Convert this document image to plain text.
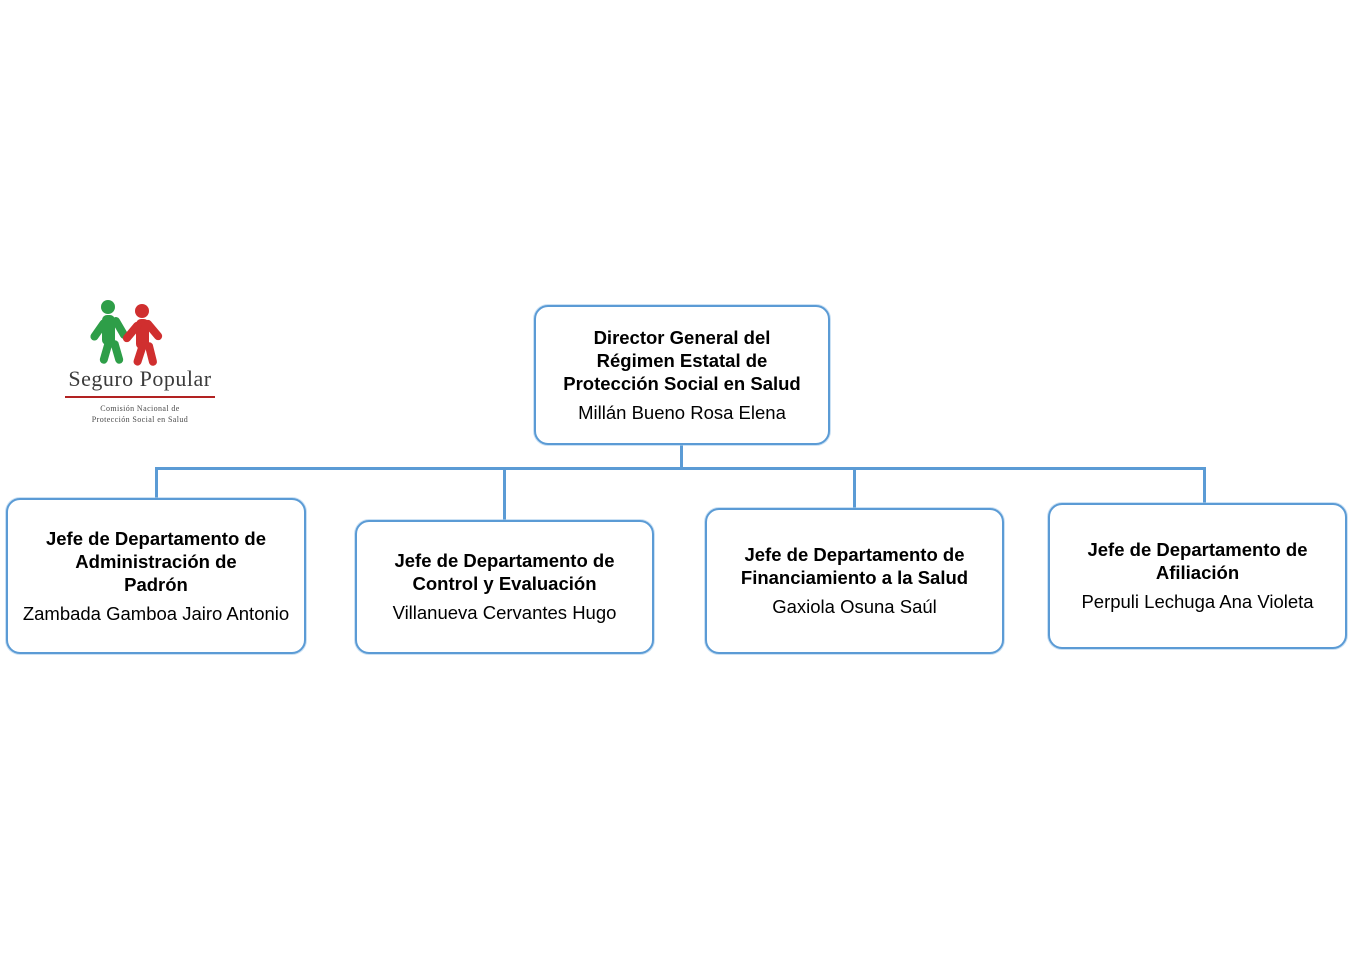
Seguro Popular
Comisión Nacional de
Protección Social en Salud
Director General del
Régimen Estatal de
Protección Social en Salud
Millán Bueno Rosa Elena
Jefe de Departamento de
Administración de
Padrón
Zambada Gamboa Jairo Antonio
Jefe de Departamento de
Control y Evaluación
Villanueva Cervantes Hugo
Jefe de Departamento de
Financiamiento a la Salud
Gaxiola Osuna Saúl
Jefe de Departamento de
Afiliación
Perpuli Lechuga Ana Violeta
